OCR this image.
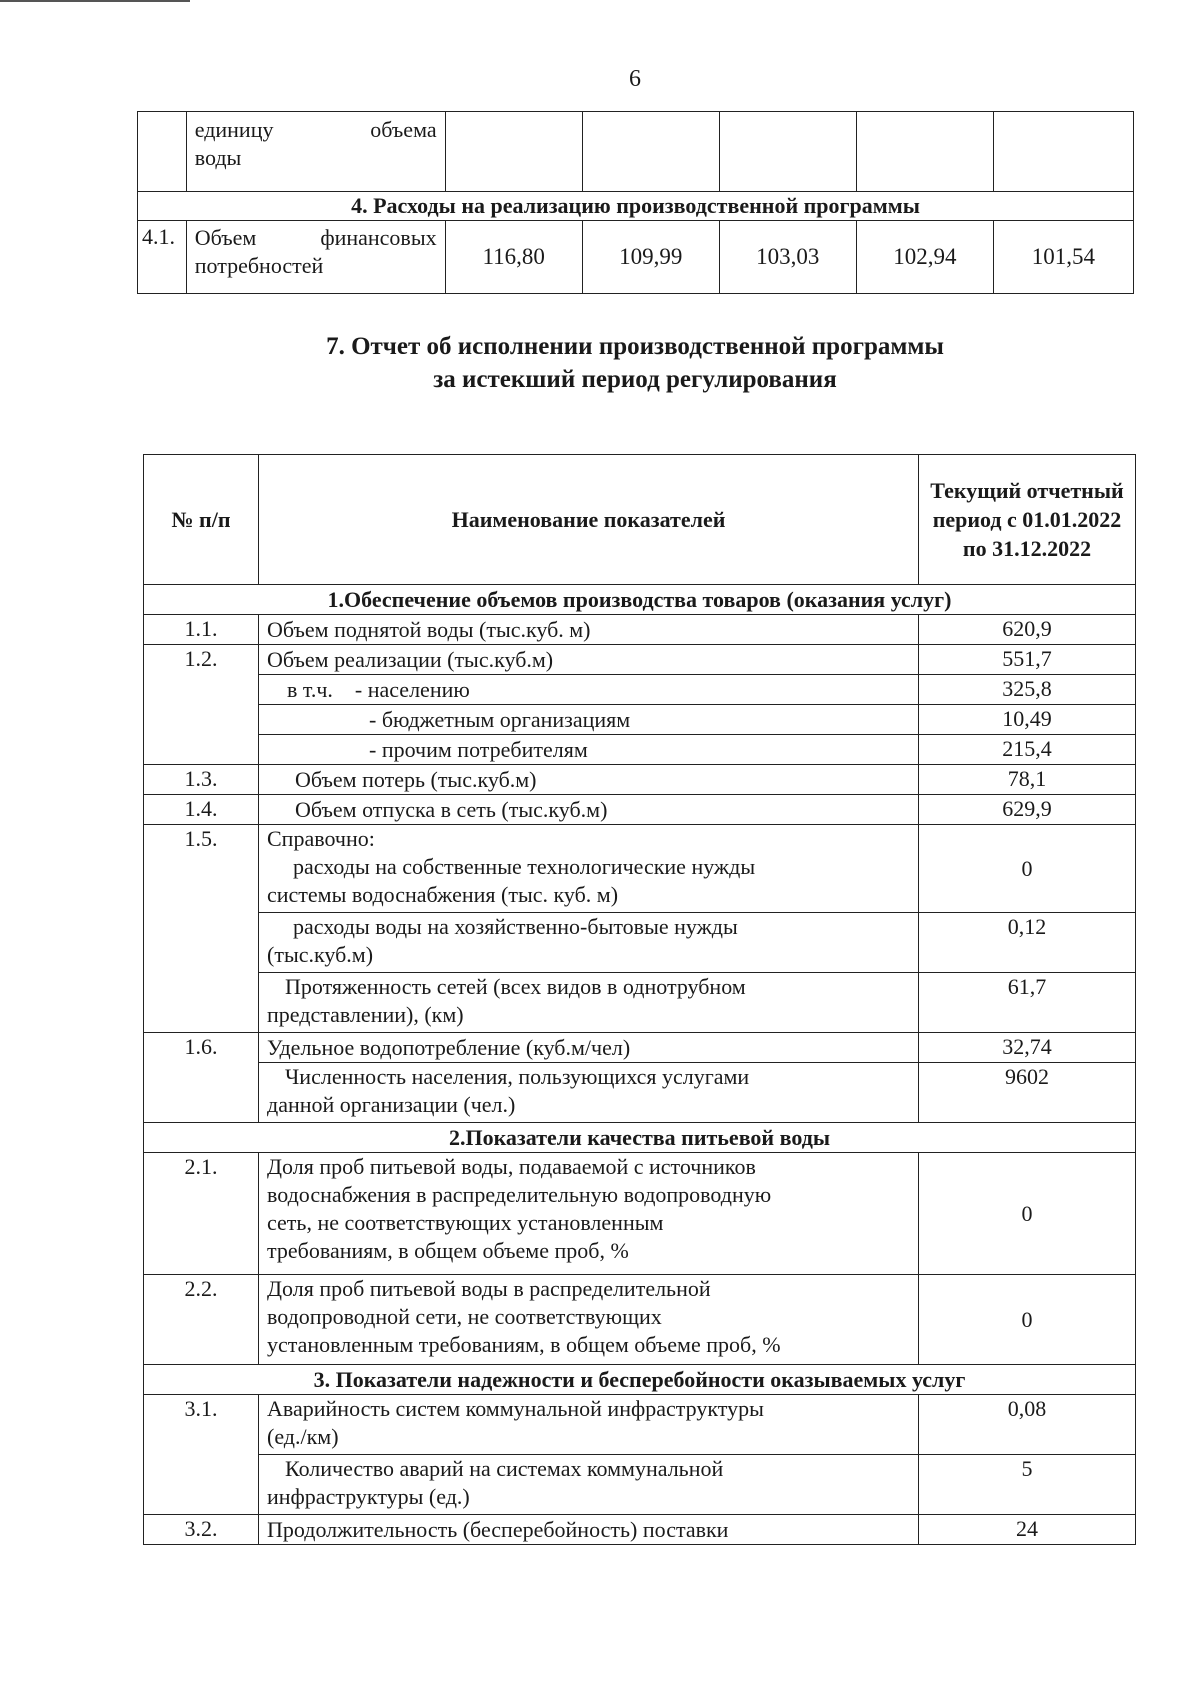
6

	единицу объема
воды					

4. Расходы на реализацию производственной программы						
4.1.	Объем финансовых
потребностей	116,80	109,99	103,03	102,94	101,54
7. Отчет об исполнении производственной программы
за истекший период регулирования
№ п/п	Наименование показателей	Текущий отчетный период с 01.01.2022 по 31.12.2022
1.Обеспечение объемов производства товаров (оказания услуг)		
1.1.	Объем поднятой воды (тыс.куб. м)	620,9
1.2.	Объем реализации (тыс.куб.м)	551,7
	в т.ч.    - населению	325,8
	- бюджетным организациям	10,49
	- прочим потребителям	215,4
1.3.	Объем потерь (тыс.куб.м)	78,1
1.4.	Объем отпуска в сеть (тыс.куб.м)	629,9
1.5.	Справочно:
расходы на собственные технологические нужды
системы водоснабжения (тыс. куб. м)	0

	расходы воды на хозяйственно-бытовые нужды
(тыс.куб.м)	0,12

	Протяженность сетей (всех видов в однотрубном
представлении), (км)	61,7
1.6.	Удельное водопотребление (куб.м/чел)	32,74

	Численность населения, пользующихся услугами
данной организации (чел.)	9602
2.Показатели качества питьевой воды		
2.1.	Доля проб питьевой воды, подаваемой с источников
водоснабжения в распределительную водопроводную
сеть, не соответствующих установленным
требованиям, в общем объеме проб, %	0
2.2.	Доля проб питьевой воды в распределительной
водопроводной сети, не соответствующих
установленным требованиям, в общем объеме проб, %	0
3. Показатели надежности и бесперебойности оказываемых услуг		
3.1.	Аварийность систем коммунальной инфраструктуры
(ед./км)	0,08

	Количество аварий на системах коммунальной
инфраструктуры (ед.)	5
3.2.	Продолжительность (бесперебойность) поставки	24
